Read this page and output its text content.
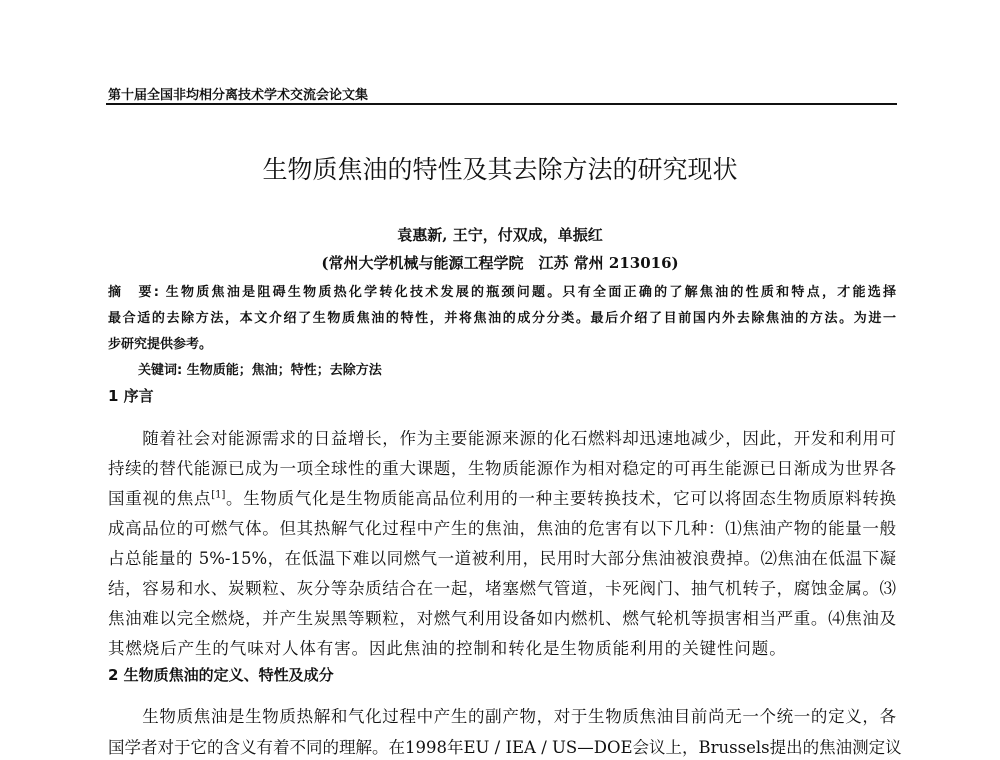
第十届全国非均相分离技术学术交流会论文集
生物质焦油的特性及其去除方法的研究现状
袁惠新, 王宁，付双成，单振红
(常州大学机械与能源工程学院　江苏 常州 213016)
摘　要: 生物质焦油是阻碍生物质热化学转化技术发展的瓶颈问题。只有全面正确的了解焦油的性质和特点，才能选择
最合适的去除方法，本文介绍了生物质焦油的特性，并将焦油的成分分类。最后介绍了目前国内外去除焦油的方法。为进一
步研究提供参考。
关键词: 生物质能；焦油；特性；去除方法
1 序言
　　随着社会对能源需求的日益增长，作为主要能源来源的化石燃料却迅速地减少，因此，开发和利用可
持续的替代能源已成为一项全球性的重大课题，生物质能源作为相对稳定的可再生能源已日渐成为世界各
国重视的焦点[1]。生物质气化是生物质能高品位利用的一种主要转换技术，它可以将固态生物质原料转换
成高品位的可燃气体。但其热解气化过程中产生的焦油，焦油的危害有以下几种：⑴焦油产物的能量一般
占总能量的 5%-15%，在低温下难以同燃气一道被利用，民用时大部分焦油被浪费掉。⑵焦油在低温下凝
结，容易和水、炭颗粒、灰分等杂质结合在一起，堵塞燃气管道，卡死阀门、抽气机转子，腐蚀金属。⑶
焦油难以完全燃烧，并产生炭黑等颗粒，对燃气利用设备如内燃机、燃气轮机等损害相当严重。⑷焦油及
其燃烧后产生的气味对人体有害。因此焦油的控制和转化是生物质能利用的关键性问题。
2 生物质焦油的定义、特性及成分
　　生物质焦油是生物质热解和气化过程中产生的副产物，对于生物质焦油目前尚无一个统一的定义，各
国学者对于它的含义有着不同的理解。在1998年EU / IEA / US—DOE会议上，Brussels提出的焦油测定议
